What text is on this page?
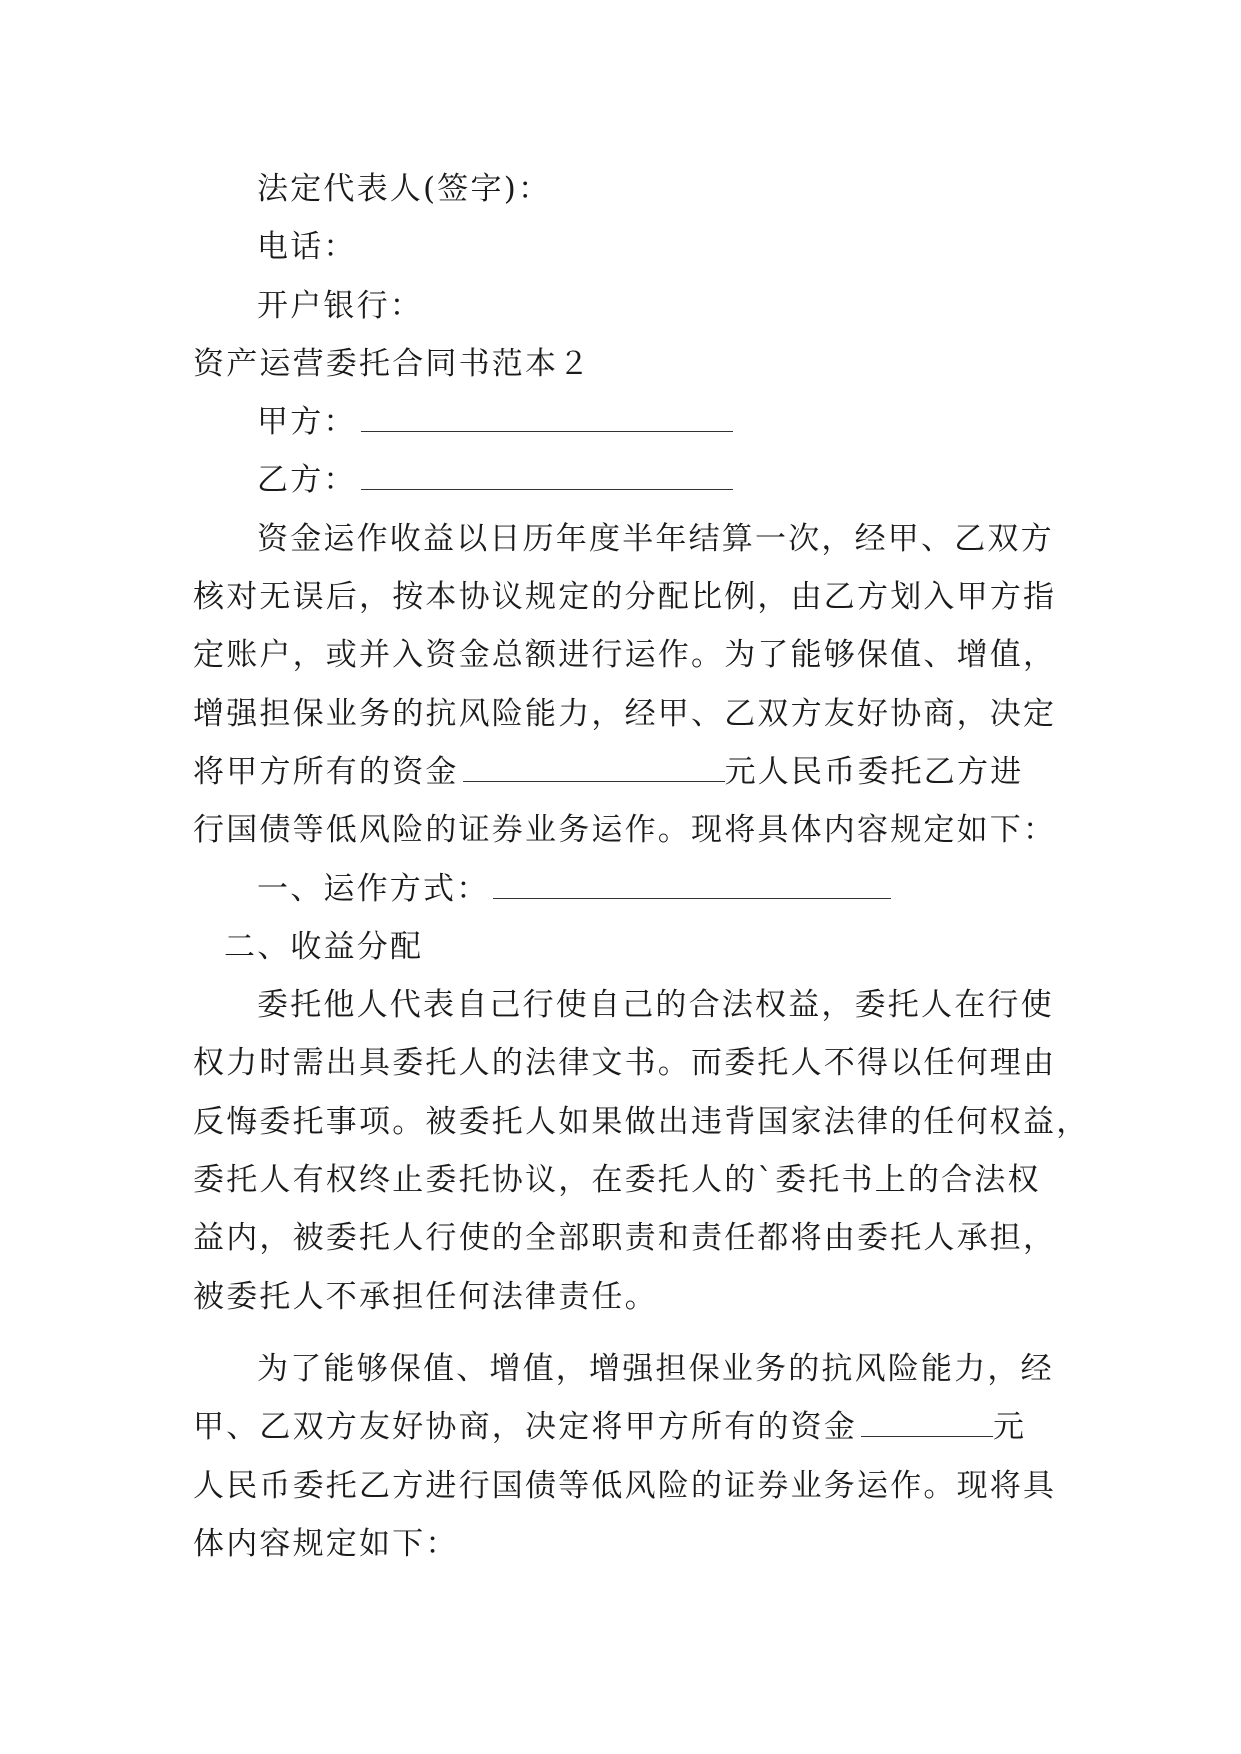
法定代表人(签字)：
电话：
开户银行：
资产运营委托合同书范本２
甲方：
乙方：
资金运作收益以日历年度半年结算一次，经甲、乙双方
核对无误后，按本协议规定的分配比例，由乙方划入甲方指
定账户，或并入资金总额进行运作。为了能够保值、增值，
增强担保业务的抗风险能力，经甲、乙双方友好协商，决定
将甲方所有的资金	元人民币委托乙方进
行国债等低风险的证券业务运作。现将具体内容规定如下：
一、运作方式：
二、收益分配
委托他人代表自己行使自己的合法权益，委托人在行使
权力时需出具委托人的法律文书。而委托人不得以任何理由
反悔委托事项。被委托人如果做出违背国家法律的任何权益，
委托人有权终止委托协议，在委托人的`委托书上的合法权
益内，被委托人行使的全部职责和责任都将由委托人承担，
被委托人不承担任何法律责任。
为了能够保值、增值，增强担保业务的抗风险能力，经
甲、乙双方友好协商，决定将甲方所有的资金	元
人民币委托乙方进行国债等低风险的证券业务运作。现将具
体内容规定如下：
